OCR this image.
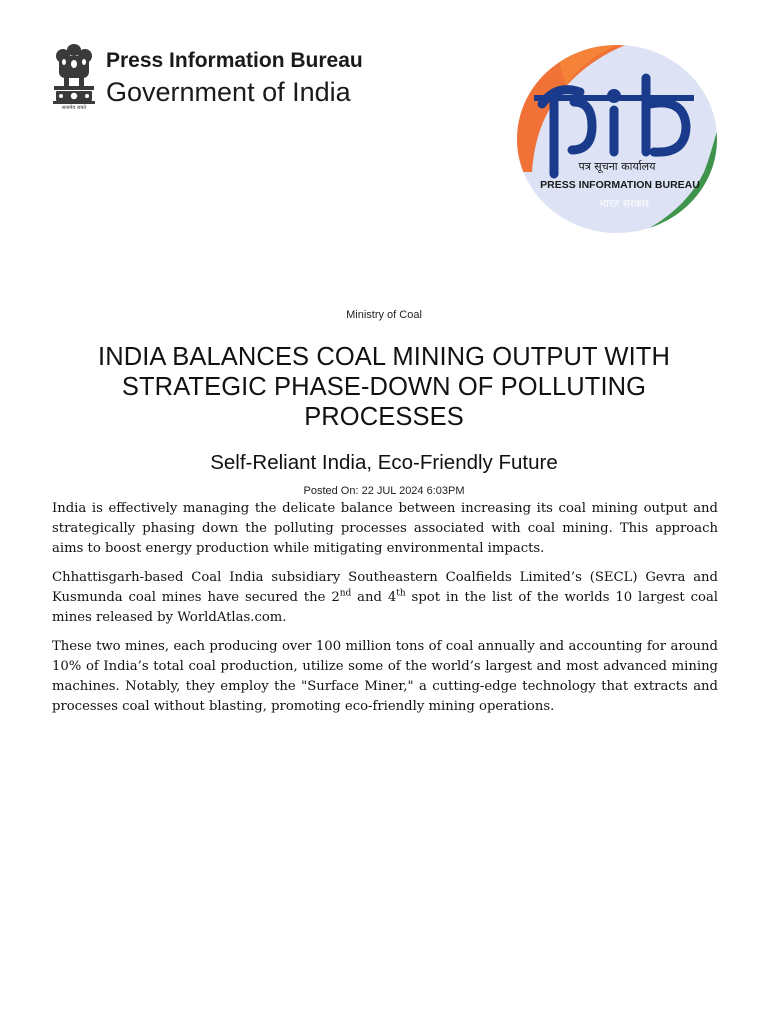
सत्यमेव जयते
Press Information Bureau
Government of India
पत्र सूचना कार्यालय
PRESS INFORMATION BUREAU
भारत सरकार
Ministry of Coal
INDIA BALANCES COAL MINING OUTPUT WITH STRATEGIC PHASE-DOWN OF POLLUTING PROCESSES
Self-Reliant India, Eco-Friendly Future
Posted On: 22 JUL 2024 6:03PM

India is effectively managing the delicate balance between increasing its coal mining output and strategically phasing down the polluting processes associated with coal mining. This approach aims to boost energy production while mitigating environmental impacts.

Chhattisgarh-based Coal India subsidiary Southeastern Coalfields Limited’s (SECL) Gevra and Kusmunda coal mines have secured the 2nd and 4th spot in the list of the worlds 10 largest coal mines released by WorldAtlas.com.

These two mines, each producing over 100 million tons of coal annually and accounting for around 10% of India’s total coal production, utilize some of the world’s largest and most advanced mining machines. Notably, they employ the "Surface Miner," a cutting-edge technology that extracts and processes coal without blasting, promoting eco-friendly mining operations.
